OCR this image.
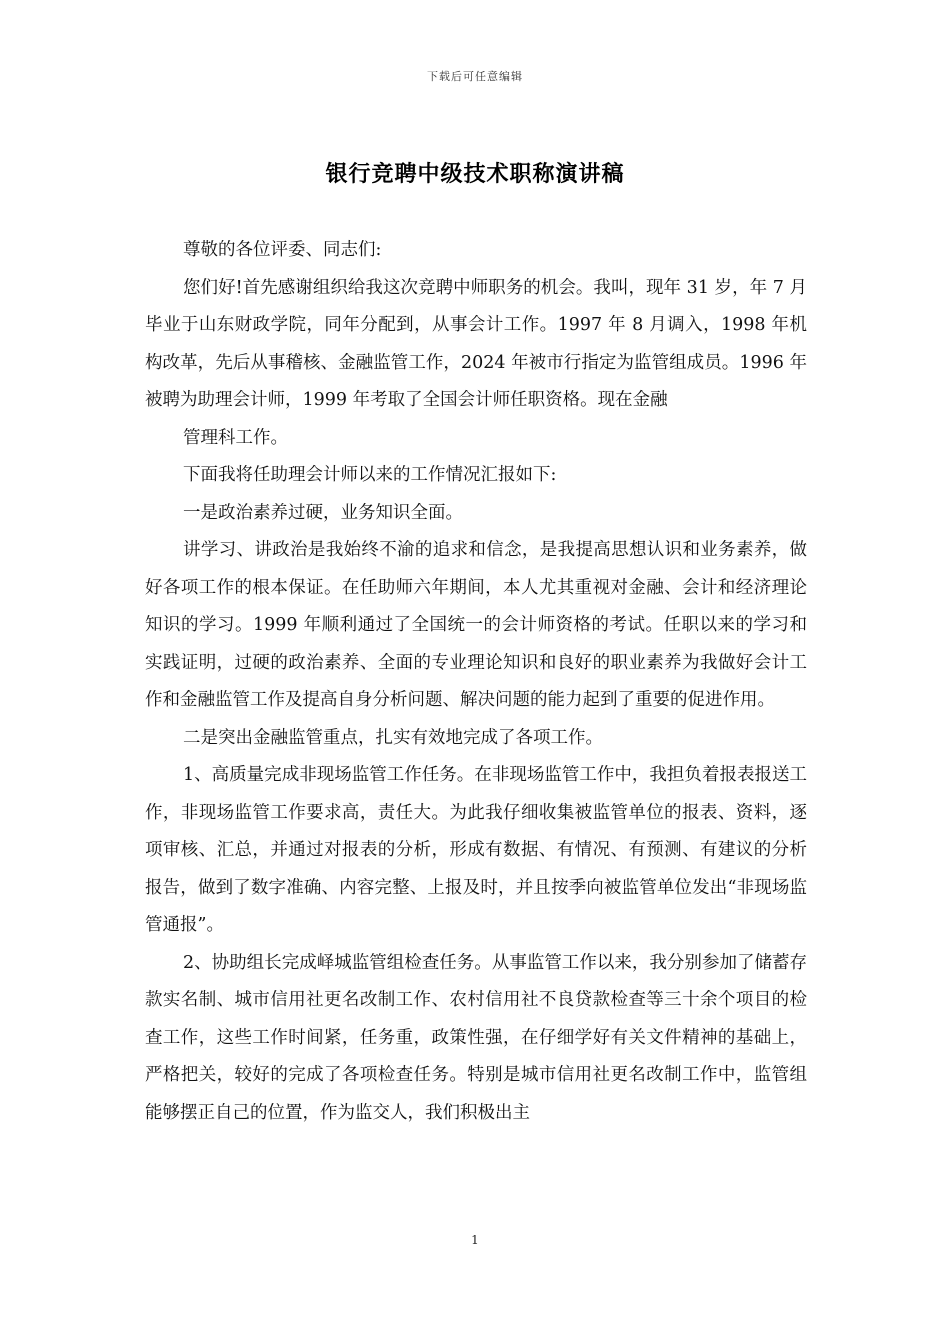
下载后可任意编辑
银行竞聘中级技术职称演讲稿

尊敬的各位评委、同志们:

您们好!首先感谢组织给我这次竞聘中师职务的机会。我叫，现年 31 岁，年 7 月毕业于山东财政学院，同年分配到，从事会计工作。1997 年 8 月调入，1998 年机构改革，先后从事稽核、金融监管工作，2024 年被市行指定为监管组成员。1996 年被聘为助理会计师，1999 年考取了全国会计师任职资格。现在金融

管理科工作。

下面我将任助理会计师以来的工作情况汇报如下:

一是政治素养过硬，业务知识全面。

讲学习、讲政治是我始终不渝的追求和信念，是我提高思想认识和业务素养，做好各项工作的根本保证。在任助师六年期间，本人尤其重视对金融、会计和经济理论知识的学习。1999 年顺利通过了全国统一的会计师资格的考试。任职以来的学习和实践证明，过硬的政治素养、全面的专业理论知识和良好的职业素养为我做好会计工作和金融监管工作及提高自身分析问题、解决问题的能力起到了重要的促进作用。

二是突出金融监管重点，扎实有效地完成了各项工作。

1、高质量完成非现场监管工作任务。在非现场监管工作中，我担负着报表报送工作，非现场监管工作要求高，责任大。为此我仔细收集被监管单位的报表、资料，逐项审核、汇总，并通过对报表的分析，形成有数据、有情况、有预测、有建议的分析报告，做到了数字准确、内容完整、上报及时，并且按季向被监管单位发出“非现场监管通报”。

2、协助组长完成峄城监管组检查任务。从事监管工作以来，我分别参加了储蓄存款实名制、城市信用社更名改制工作、农村信用社不良贷款检查等三十余个项目的检查工作，这些工作时间紧，任务重，政策性强，在仔细学好有关文件精神的基础上，严格把关，较好的完成了各项检查任务。特别是城市信用社更名改制工作中，监管组能够摆正自己的位置，作为监交人，我们积极出主

1
